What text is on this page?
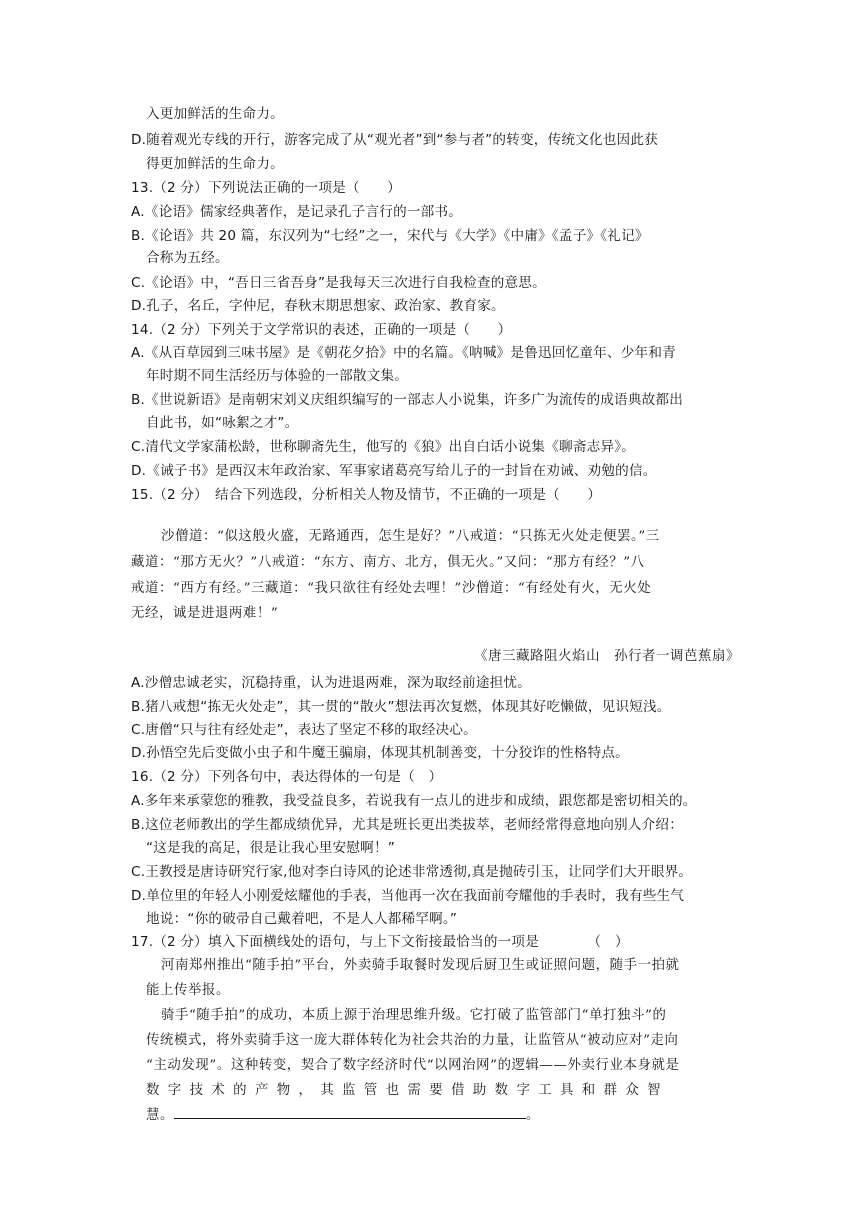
入更加鲜活的生命力。
D.随着观光专线的开行，游客完成了从“观光者”到“参与者”的转变，传统文化也因此获
得更加鲜活的生命力。
13.（2 分）下列说法正确的一项是（　　）
A.《论语》儒家经典著作，是记录孔子言行的一部书。
B.《论语》共 20 篇，东汉列为“七经”之一，宋代与《大学》《中庸》《孟子》《礼记》
合称为五经。
C.《论语》中，“吾日三省吾身”是我每天三次进行自我检查的意思。
D.孔子，名丘，字仲尼，春秋末期思想家、政治家、教育家。
14.（2 分）下列关于文学常识的表述，正确的一项是（　　）
A.《从百草园到三味书屋》是《朝花夕拾》中的名篇。《呐喊》是鲁迅回忆童年、少年和青
年时期不同生活经历与体验的一部散文集。
B.《世说新语》是南朝宋刘义庆组织编写的一部志人小说集，许多广为流传的成语典故都出
自此书，如“咏絮之才”。
C.清代文学家蒲松龄，世称聊斋先生，他写的《狼》出自白话小说集《聊斋志异》。
D.《诫子书》是西汉末年政治家、军事家诸葛亮写给儿子的一封旨在劝诫、劝勉的信。
15.（2 分）　结合下列选段，分析相关人物及情节，不正确的一项是（　　）
沙僧道：“似这般火盛，无路通西，怎生是好？”八戒道：“只拣无火处走便罢。”三
藏道：“那方无火？”八戒道：“东方、南方、北方，俱无火。”又问：“那方有经？”八
戒道：“西方有经。”三藏道：“我只欲往有经处去哩！”沙僧道：“有经处有火，无火处
无经，诚是进退两难！”
《唐三藏路阻火焰山　孙行者一调芭蕉扇》
A.沙僧忠诚老实，沉稳持重，认为进退两难，深为取经前途担忧。
B.猪八戒想“拣无火处走”，其一贯的“散火”想法再次复燃，体现其好吃懒做，见识短浅。
C.唐僧“只与往有经处走”，表达了坚定不移的取经决心。
D.孙悟空先后变做小虫子和牛魔王骗扇，体现其机制善变，十分狡诈的性格特点。
16.（2 分）下列各句中，表达得体的一句是（　）
A.多年来承蒙您的雅教，我受益良多，若说我有一点儿的进步和成绩，跟您都是密切相关的。
B.这位老师教出的学生都成绩优异，尤其是班长更出类拔萃，老师经常得意地向别人介绍：
“这是我的高足，很是让我心里安慰啊！”
C.王教授是唐诗研究行家,他对李白诗风的论述非常透彻,真是抛砖引玉，让同学们大开眼界。
D.单位里的年轻人小刚爱炫耀他的手表，当他再一次在我面前夸耀他的手表时，我有些生气
地说：“你的破帚自己戴着吧，不是人人都稀罕啊。”
17.（2 分）填入下面横线处的语句，与上下文衔接最恰当的一项是　　　　（　）
河南郑州推出“随手拍”平台，外卖骑手取餐时发现后厨卫生或证照问题，随手一拍就
能上传举报。
骑手“随手拍”的成功，本质上源于治理思维升级。它打破了监管部门“单打独斗”的
传统模式，将外卖骑手这一庞大群体转化为社会共治的力量，让监管从“被动应对”走向
“主动发现”。这种转变，契合了数字经济时代“以网治网”的逻辑——外卖行业本身就是
数字技术的产物，其监管也需要借助数字工具和群众智
慧。	。
